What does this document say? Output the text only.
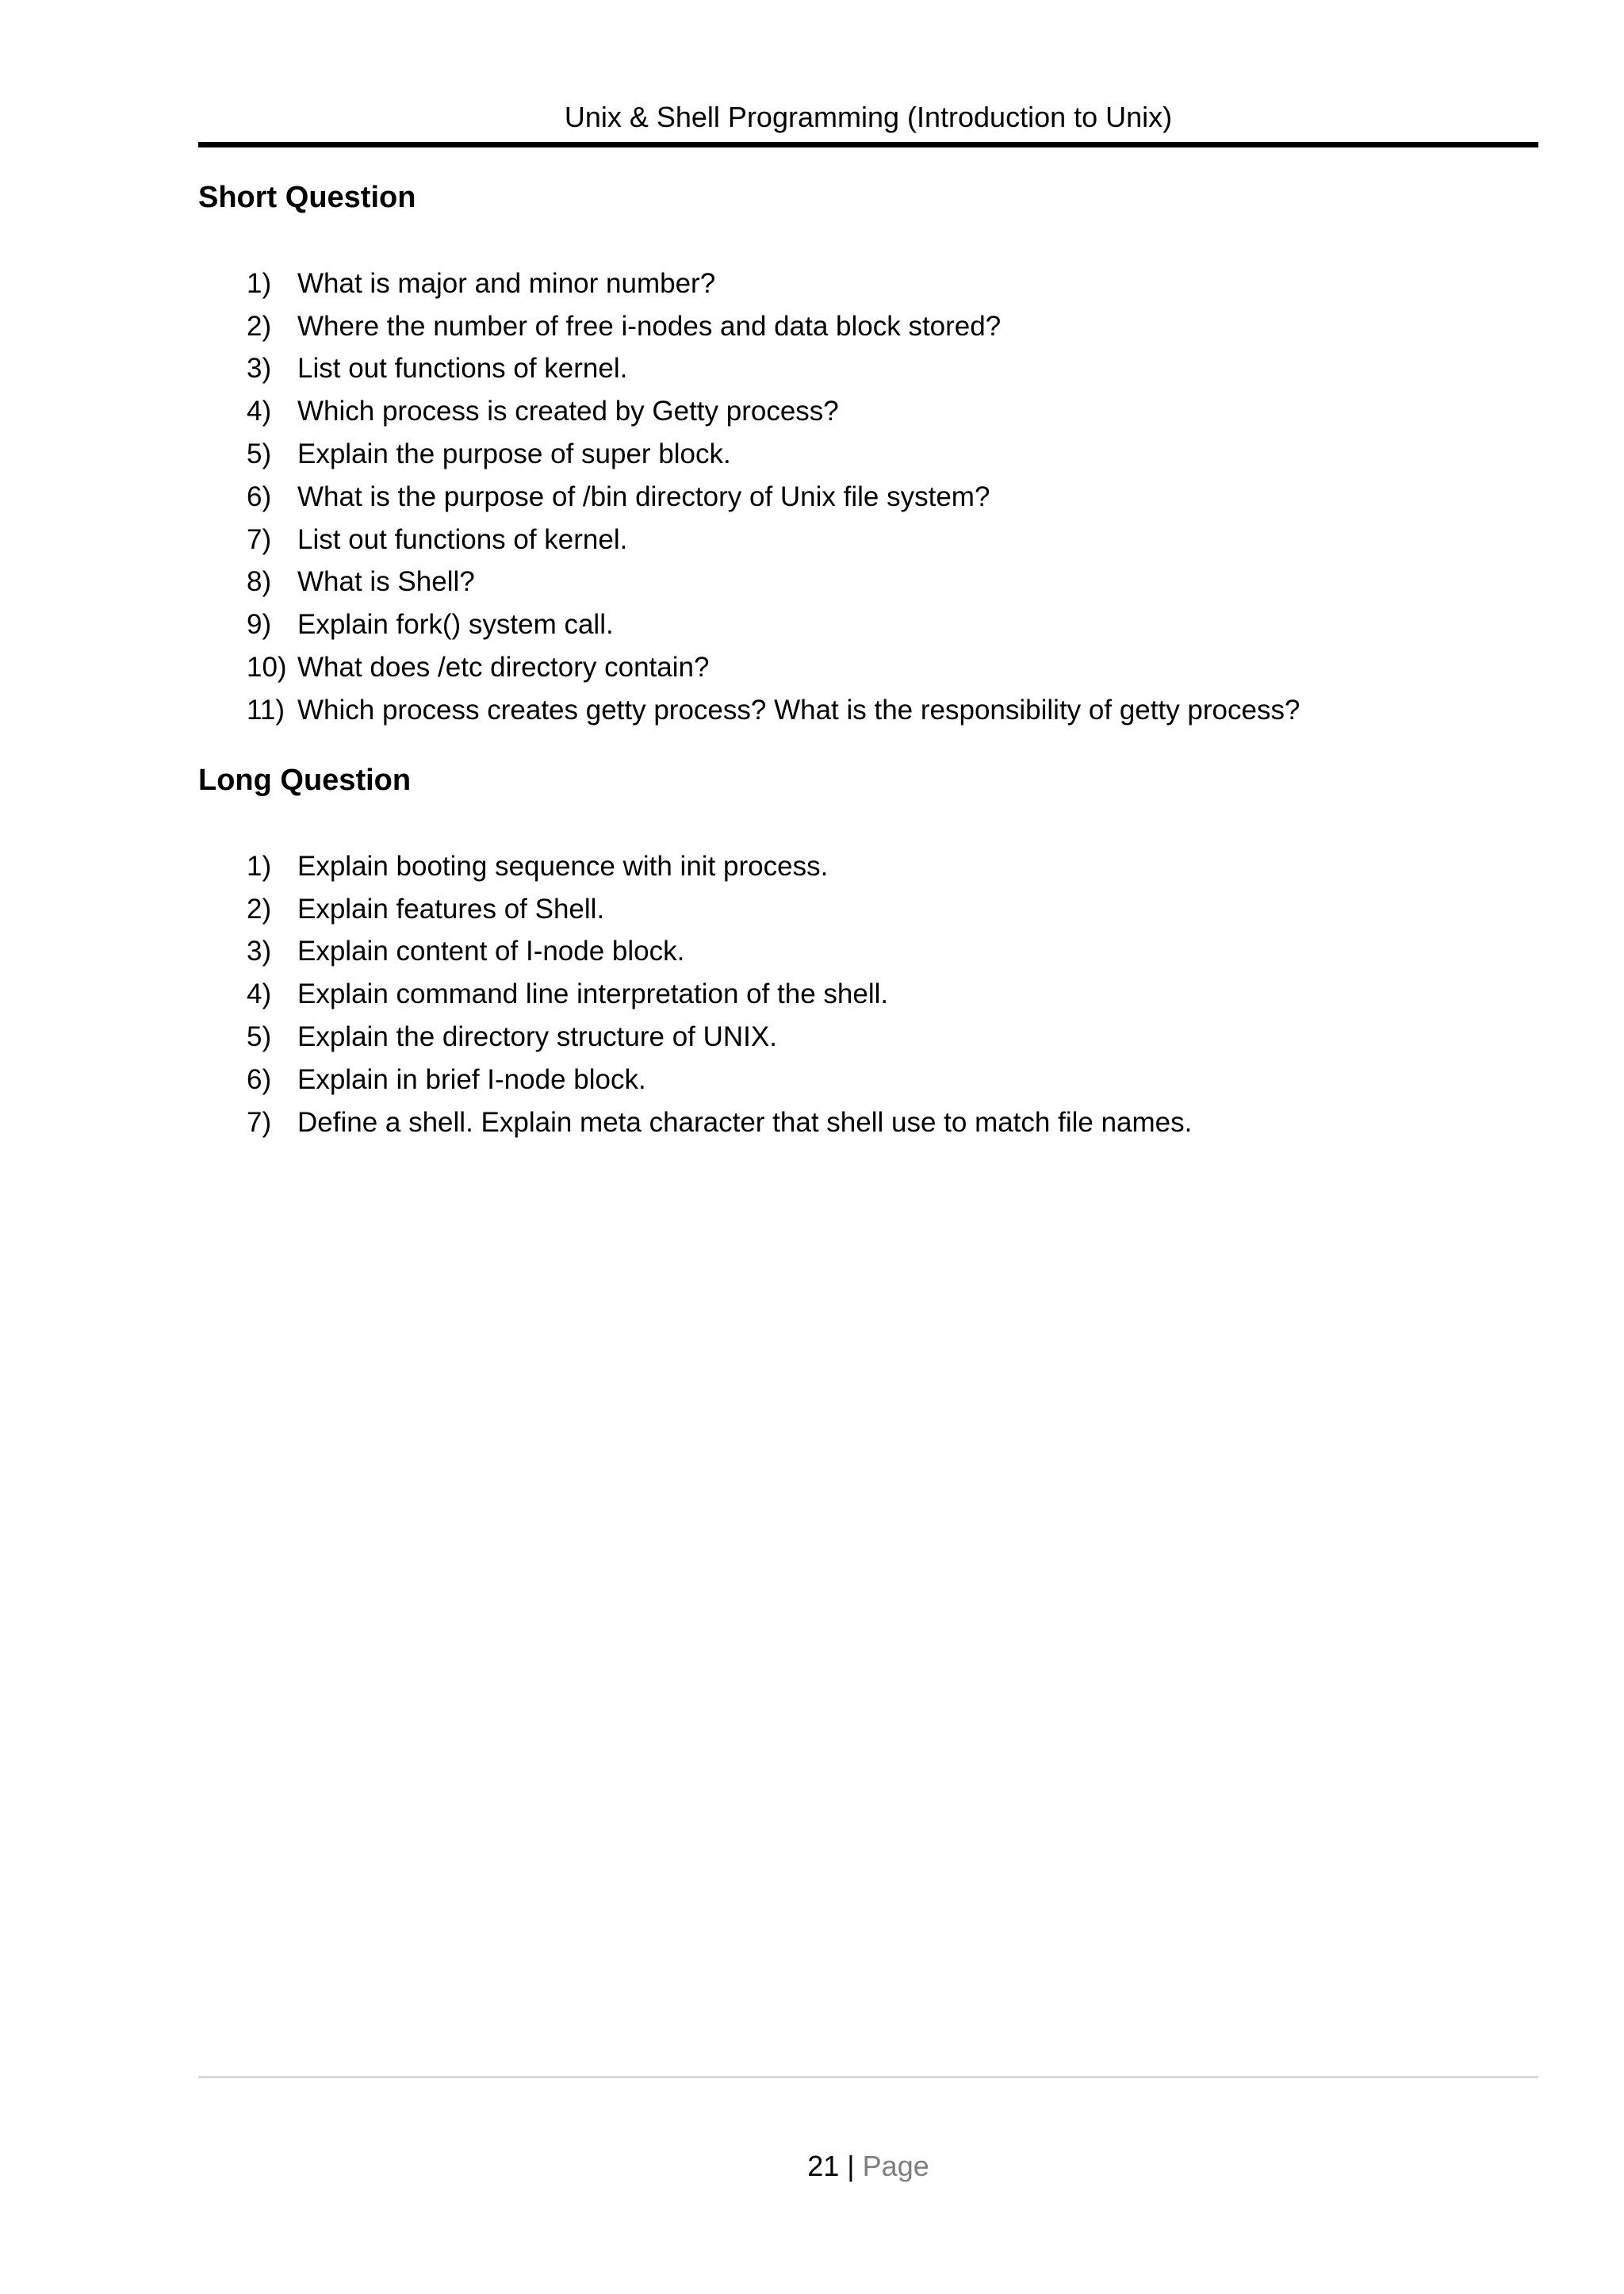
Unix & Shell Programming (Introduction to Unix)
Short Question
1) What is major and minor number?
2) Where the number of free i-nodes and data block stored?
3) List out functions of kernel.
4) Which process is created by Getty process?
5) Explain the purpose of super block.
6) What is the purpose of /bin directory of Unix file system?
7) List out functions of kernel.
8) What is Shell?
9) Explain fork() system call.
10) What does /etc directory contain?
11) Which process creates getty process? What is the responsibility of getty process?
Long Question
1) Explain booting sequence with init process.
2) Explain features of Shell.
3) Explain content of I-node block.
4) Explain command line interpretation of the shell.
5) Explain the directory structure of UNIX.
6) Explain in brief I-node block.
7) Define a shell. Explain meta character that shell use to match file names.
21 | Page
